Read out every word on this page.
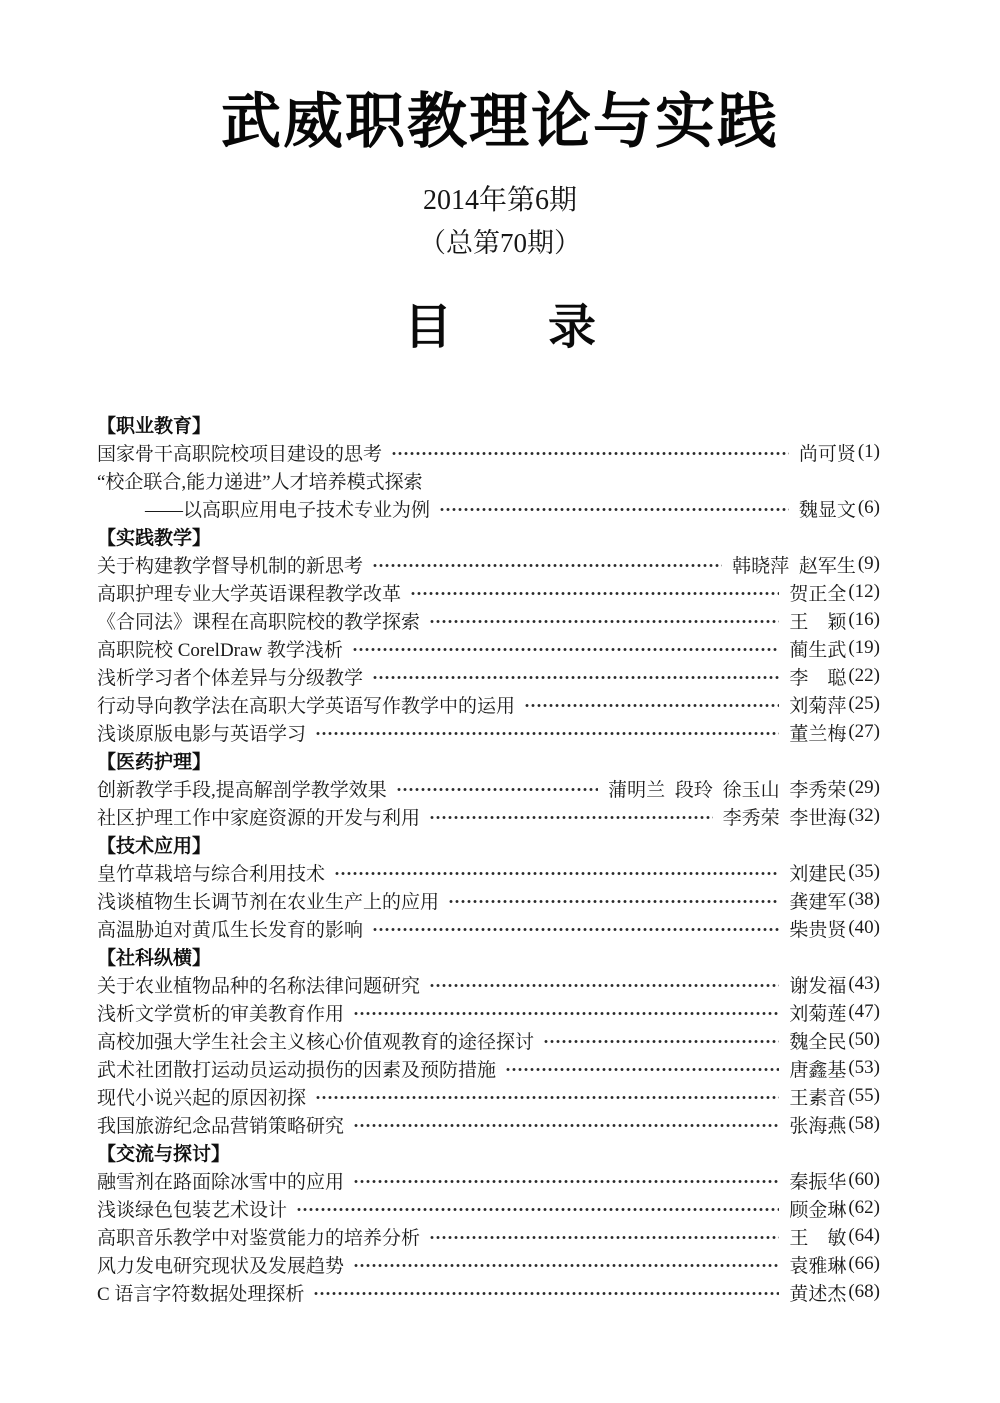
武威职教理论与实践
2014年第6期
（总第70期）
目　　录
【职业教育】
国家骨干高职院校项目建设的思考	尚可贤 (1)
“校企联合,能力递进”人才培养模式探索
——以高职应用电子技术专业为例	魏显文 (6)
【实践教学】
关于构建教学督导机制的新思考	韩晓萍 赵军生 (9)
高职护理专业大学英语课程教学改革	贺正全 (12)
《合同法》课程在高职院校的教学探索	王　颖 (16)
高职院校 CorelDraw 教学浅析	蔺生武 (19)
浅析学习者个体差异与分级教学	李　聪 (22)
行动导向教学法在高职大学英语写作教学中的运用	刘菊萍 (25)
浅谈原版电影与英语学习	董兰梅 (27)
【医药护理】
创新教学手段,提高解剖学教学效果	蒲明兰 段玲 徐玉山 李秀荣 (29)
社区护理工作中家庭资源的开发与利用	李秀荣 李世海 (32)
【技术应用】
皇竹草栽培与综合利用技术	刘建民 (35)
浅谈植物生长调节剂在农业生产上的应用	龚建军 (38)
高温胁迫对黄瓜生长发育的影响	柴贵贤 (40)
【社科纵横】
关于农业植物品种的名称法律问题研究	谢发福 (43)
浅析文学赏析的审美教育作用	刘菊莲 (47)
高校加强大学生社会主义核心价值观教育的途径探讨	魏全民 (50)
武术社团散打运动员运动损伤的因素及预防措施	唐鑫基 (53)
现代小说兴起的原因初探	王素音 (55)
我国旅游纪念品营销策略研究	张海燕 (58)
【交流与探讨】
融雪剂在路面除冰雪中的应用	秦振华 (60)
浅谈绿色包装艺术设计	顾金琳 (62)
高职音乐教学中对鉴赏能力的培养分析	王　敏 (64)
风力发电研究现状及发展趋势	袁雅琳 (66)
C 语言字符数据处理探析	黄述杰 (68)
